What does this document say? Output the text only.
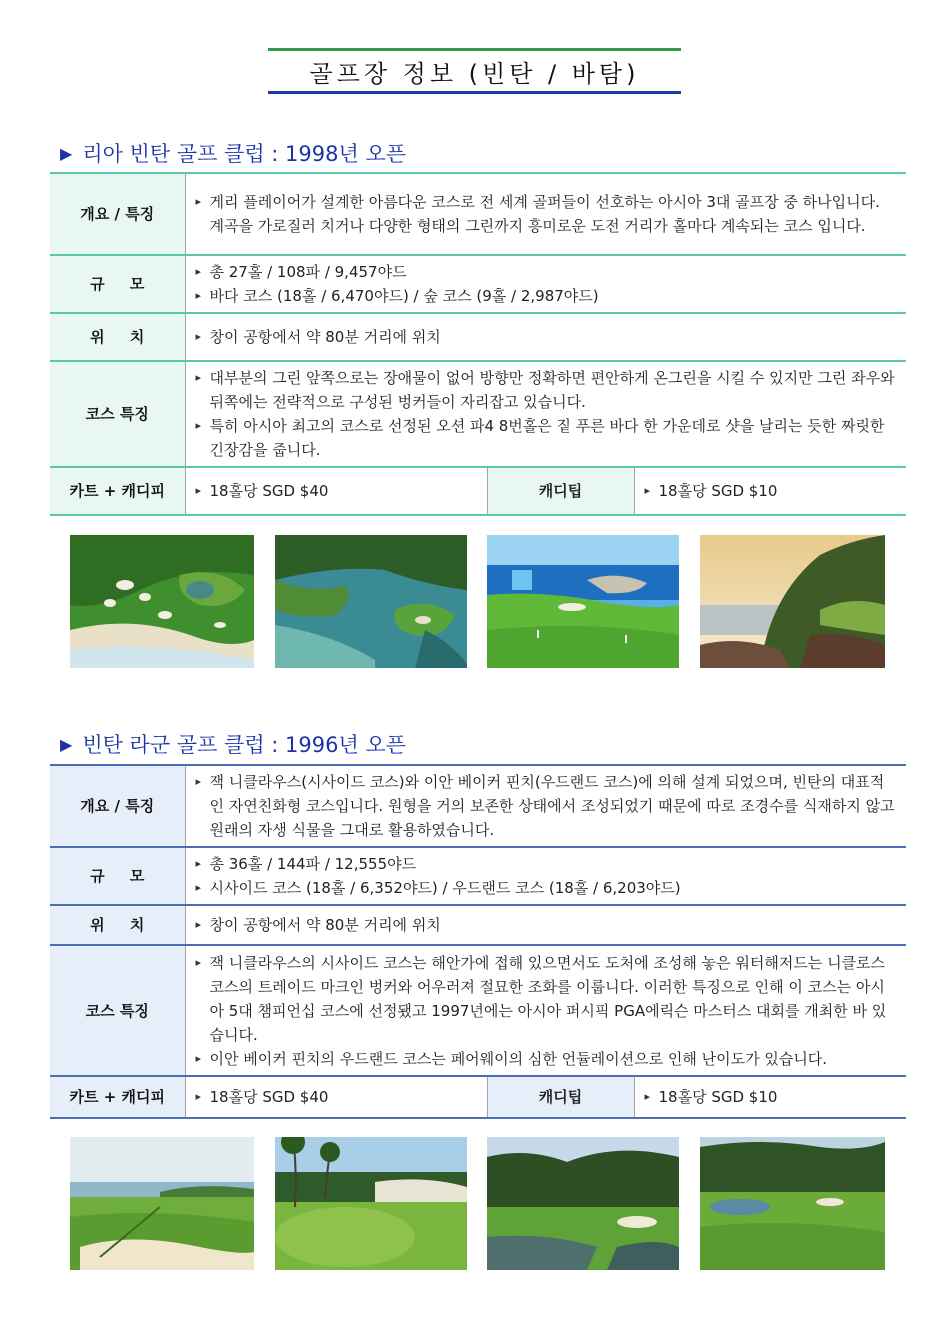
골프장 정보 (빈탄 / 바탐)
▶ 리아 빈탄 골프 클럽 : 1998년 오픈
개요 / 특징	▸ 게리 플레이어가 설계한 아름다운 코스로 전 세계 골퍼들이 선호하는 아시아 3대 골프장 중 하나입니다. 계곡을 가로질러 치거나 다양한 형태의 그린까지 흥미로운 도전 거리가 홀마다 계속되는 코스 입니다.

규 모	▸ 총 27홀 / 108파 / 9,457야드
▸ 바다 코스 (18홀 / 6,470야드) / 숲 코스 (9홀 / 2,987야드)

위 치	▸ 창이 공항에서 약 80분 거리에 위치

코스 특징	▸ 대부분의 그린 앞쪽으로는 장애물이 없어 방향만 정확하면 편안하게 온그린을 시킬 수 있지만 그린 좌우와 뒤쪽에는 전략적으로 구성된 벙커들이 자리잡고 있습니다.
▸ 특히 아시아 최고의 코스로 선정된 오션 파4 8번홀은 짙 푸른 바다 한 가운데로 샷을 날리는 듯한 짜릿한 긴장감을 줍니다.

카트 + 캐디피	▸ 18홀당 SGD $40	캐디팁	▸ 18홀당 SGD $10
▶ 빈탄 라군 골프 클럽 : 1996년 오픈
개요 / 특징	▸ 잭 니클라우스(시사이드 코스)와 이안 베이커 핀치(우드랜드 코스)에 의해 설계 되었으며, 빈탄의 대표적인 자연친화형 코스입니다. 원형을 거의 보존한 상태에서 조성되었기 때문에 따로 조경수를 식재하지 않고 원래의 자생 식물을 그대로 활용하였습니다.

규 모	▸ 총 36홀 / 144파 / 12,555야드
▸ 시사이드 코스 (18홀 / 6,352야드) / 우드랜드 코스 (18홀 / 6,203야드)

위 치	▸ 창이 공항에서 약 80분 거리에 위치

코스 특징	▸ 잭 니클라우스의 시사이드 코스는 해안가에 접해 있으면서도 도처에 조성해 놓은 워터해저드는 니클로스 코스의 트레이드 마크인 벙커와 어우러져 절묘한 조화를 이룹니다. 이러한 특징으로 인해 이 코스는 아시아 5대 챔피언십 코스에 선정됐고 1997년에는 아시아 퍼시픽 PGA에릭슨 마스터스 대회를 개최한 바 있습니다.
▸ 이안 베이커 핀치의 우드랜드 코스는 페어웨이의 심한 언듈레이션으로 인해 난이도가 있습니다.

카트 + 캐디피	▸ 18홀당 SGD $40	캐디팁	▸ 18홀당 SGD $10
